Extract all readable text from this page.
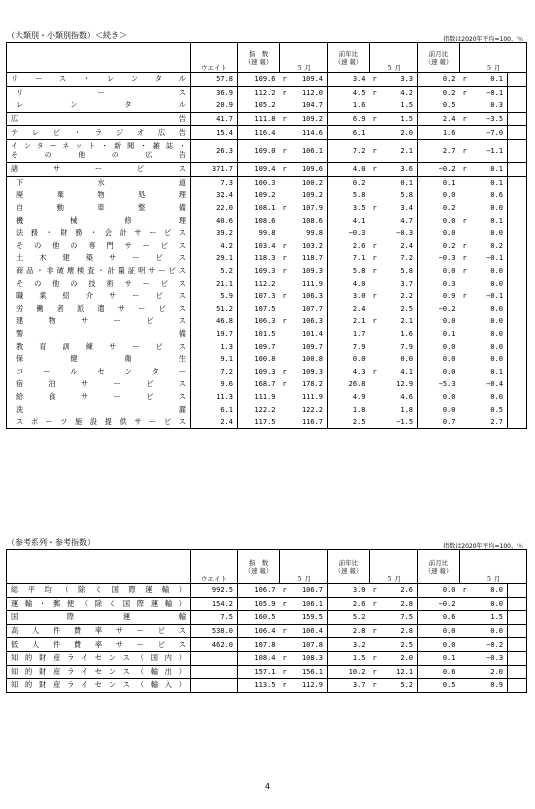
（大類別・小類別指数）＜続き＞	指数は2020年平均=100、％
	ウエイト	指　数
（速 報）	５ 月		前年比
（速 報）	５ 月		前月比
（速 報）	５ 月		
リース・レンタル	57.8	109.6	r	109.4	3.4	r	3.3	0.2	r	0.1	
リース	36.9	112.2	r	112.0	4.5	r	4.2	0.2	r	−0.1	
レンタル	20.9	105.2		104.7	1.6		1.5	0.5		0.3	
広告	41.7	111.8	r	109.2	6.9	r	1.5	2.4	r	−3.5	
テレビ・ラジオ広告	15.4	116.4		114.6	6.1		2.0	1.6		−7.0	
インターネット・新聞・雑誌・
その他の広告	26.3	109.0	r	106.1	7.2	r	2.1	2.7	r	−1.1	
諸サービス	371.7	109.4	r	109.6	4.0	r	3.6	−0.2	r	0.1	
下水道	7.3	100.3		100.2	0.2		0.1	0.1		0.1	
廃棄物処理	32.4	109.2		109.2	5.8		5.8	0.0		0.6	
自動車整備	22.0	108.1	r	107.9	3.5	r	3.4	0.2		0.0	
機械修理	40.6	108.6		108.6	4.1		4.7	0.0	r	0.1	
法務・財務・会計サービス	39.2	99.8		99.8	−0.3		−0.3	0.0		0.0	
その他の専門サービス	4.2	103.4	r	103.2	2.6	r	2.4	0.2	r	0.2	
土木建築サービス	29.1	118.3	r	118.7	7.1	r	7.2	−0.3	r	−0.1	
商品・非破壊検査・計量証明サービス	5.2	109.3	r	109.3	5.8	r	5.8	0.0	r	0.0	
その他の技術サービス	21.1	112.2		111.9	4.0		3.7	0.3		0.0	
職業紹介サービス	5.9	107.3	r	106.3	3.0	r	2.2	0.9	r	−0.1	
労働者派遣サービス	51.2	107.5		107.7	2.4		2.5	−0.2		0.0	
建物サービス	46.8	106.3	r	106.3	2.1	r	2.1	0.0		0.0	
警備	19.7	101.5		101.4	1.7		1.6	0.1		0.0	
教育訓練サービス	1.3	109.7		109.7	7.9		7.9	0.0		0.0	
保健衛生	9.1	100.8		100.8	0.0		0.0	0.0		0.0	
コールセンター	7.2	109.3	r	109.3	4.3	r	4.1	0.0		0.1	
宿泊サービス	9.6	168.7	r	178.2	26.8		12.9	−5.3		−0.4	
給食サービス	11.3	111.9		111.9	4.9		4.6	0.0		0.0	
洗濯	6.1	122.2		122.2	1.8		1.8	0.0		0.5	
スポーツ施設提供サービス	2.4	117.5		116.7	2.5		−1.5	0.7		2.7	
（参考系列・参考指数）	指数は2020年平均=100、％
	ウエイト	指　数
（速 報）	５ 月		前年比
（速 報）	５ 月		前月比
（速 報）	５ 月		
総平均（除く国際運輸）	992.5	106.7	r	106.7	3.0	r	2.6	0.0	r	0.0	
運輸・郵便（除く国際運輸）	154.2	105.9	r	106.1	2.6	r	2.8	−0.2		0.0	
国際運輸	7.5	160.5		159.5	5.2		7.5	0.6		1.5	
高人件費率サービス	538.0	106.4	r	106.4	2.8	r	2.8	0.0		0.0	
低人件費率サービス	462.0	107.8		107.8	3.2		2.5	0.0		−0.2	
知的財産ライセンス（国内）		108.4	r	108.3	1.5	r	2.0	0.1		−0.3	
知的財産ライセンス（輸出）		157.1	r	156.1	10.2	r	12.1	0.6		2.0	
知的財産ライセンス（輸入）		113.5	r	112.9	3.7	r	5.2	0.5		0.9	
4
